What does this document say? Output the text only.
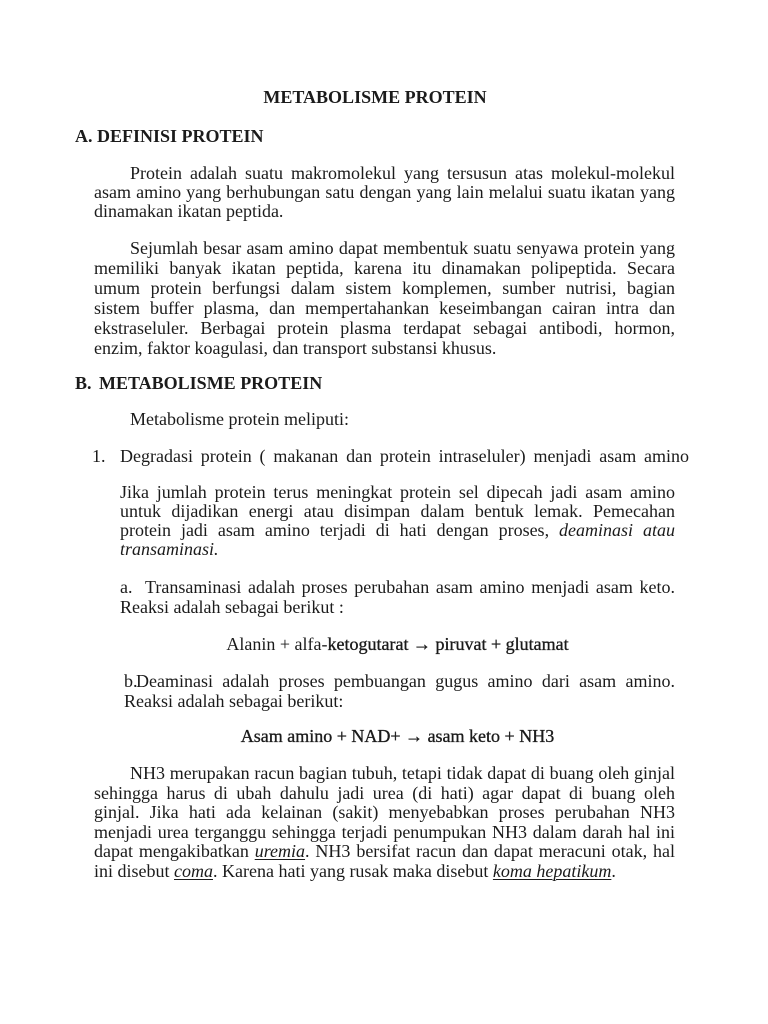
METABOLISME PROTEIN
A. DEFINISI PROTEIN
Protein adalah suatu makromolekul yang tersusun atas molekul-molekul
asam amino yang berhubungan satu dengan yang lain melalui suatu ikatan yang
dinamakan ikatan peptida.
Sejumlah besar asam amino dapat membentuk suatu senyawa protein yang
memiliki banyak ikatan peptida, karena itu dinamakan polipeptida. Secara
umum protein berfungsi dalam sistem komplemen, sumber nutrisi, bagian
sistem buffer plasma, dan mempertahankan keseimbangan cairan intra dan
ekstraseluler. Berbagai protein plasma terdapat sebagai antibodi, hormon,
enzim, faktor koagulasi, dan transport substansi khusus.
B. METABOLISME PROTEIN
Metabolisme protein meliputi:
1. Degradasi protein ( makanan dan protein intraseluler) menjadi asam amino
Jika jumlah protein terus meningkat protein sel dipecah jadi asam amino
untuk dijadikan energi atau disimpan dalam bentuk lemak. Pemecahan
protein jadi asam amino terjadi di hati dengan proses, deaminasi atau
transaminasi.
a. Transaminasi adalah proses perubahan asam amino menjadi asam keto.
Reaksi adalah sebagai berikut :
Alanin + alfa-ketogutarat → piruvat + glutamat
b.Deaminasi adalah proses pembuangan gugus amino dari asam amino.
Reaksi adalah sebagai berikut:
Asam amino + NAD+ → asam keto + NH3
NH3 merupakan racun bagian tubuh, tetapi tidak dapat di buang oleh ginjal
sehingga harus di ubah dahulu jadi urea (di hati) agar dapat di buang oleh
ginjal. Jika hati ada kelainan (sakit) menyebabkan proses perubahan NH3
menjadi urea terganggu sehingga terjadi penumpukan NH3 dalam darah hal ini
dapat mengakibatkan uremia. NH3 bersifat racun dan dapat meracuni otak, hal
ini disebut coma. Karena hati yang rusak maka disebut koma hepatikum.
